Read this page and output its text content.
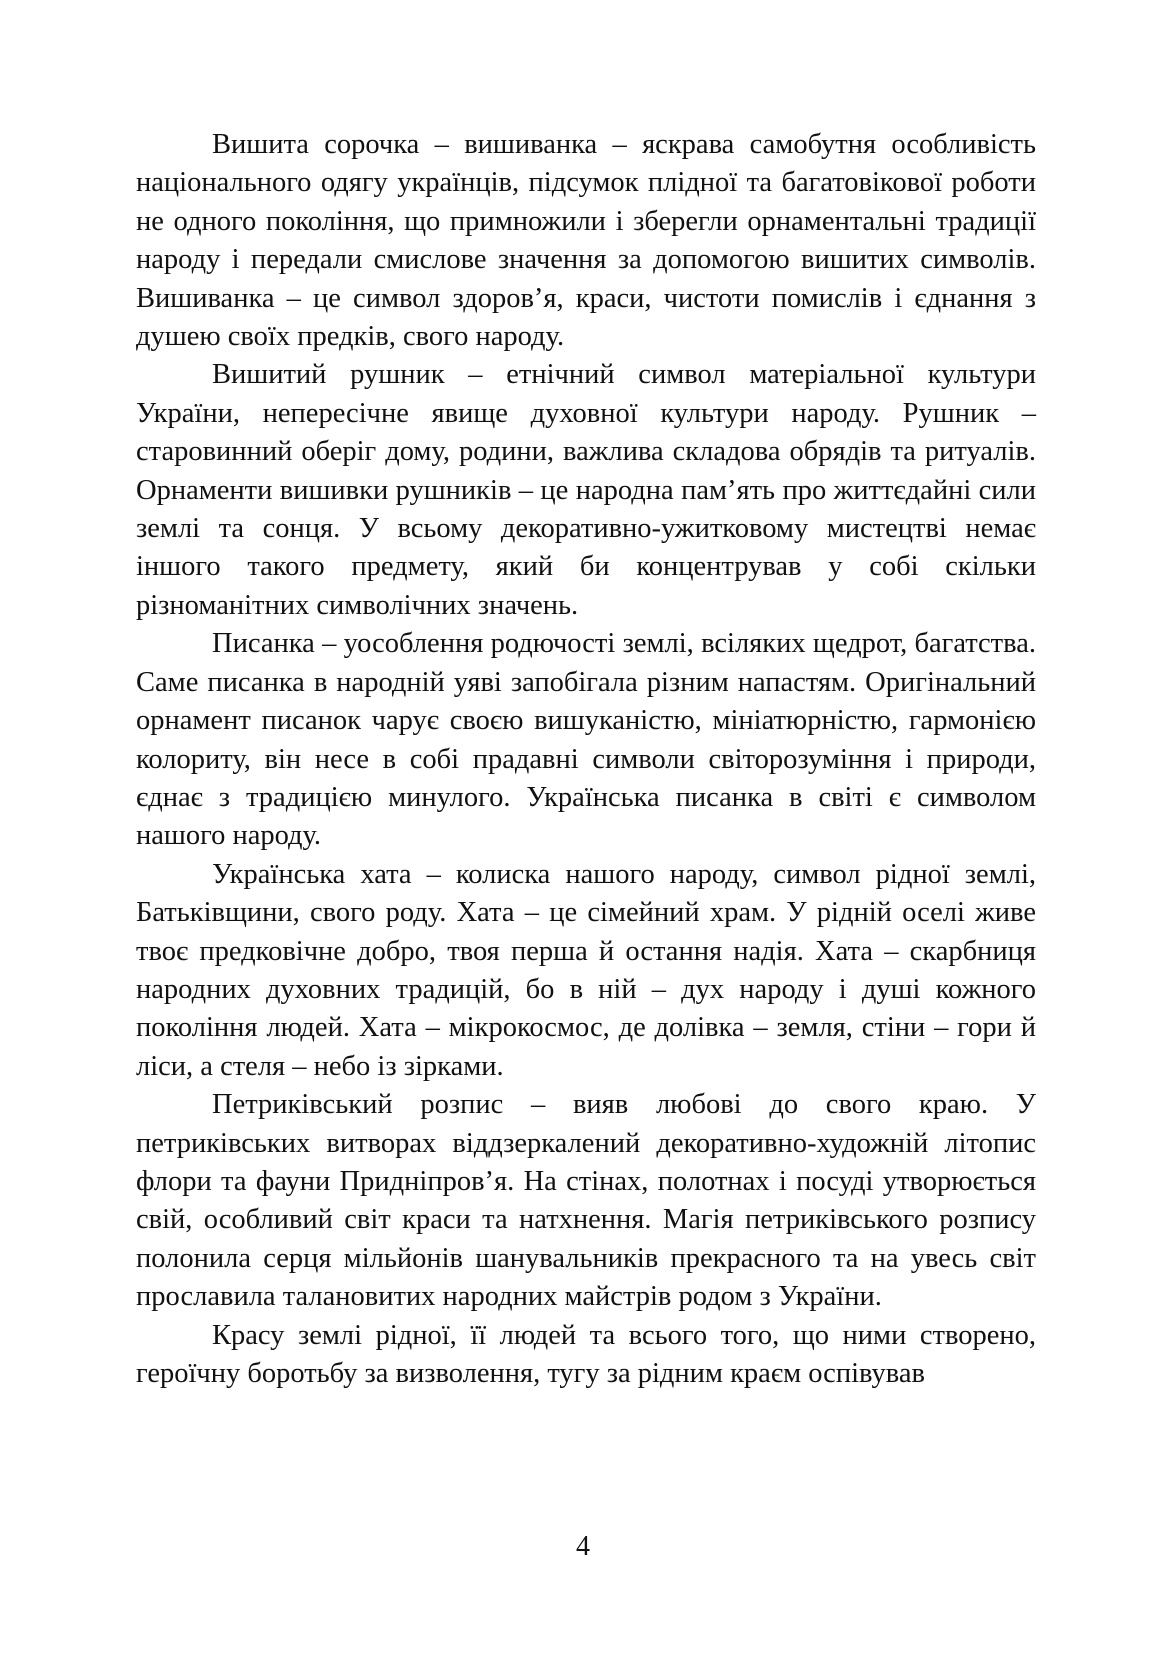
Вишита сорочка – вишиванка – яскрава самобутня особливість національного одягу українців, підсумок плідної та багатовікової роботи не одного покоління, що примножили і зберегли орнаментальні традиції народу і передали смислове значення за допомогою вишитих символів. Вишиванка – це символ здоров’я, краси, чистоти помислів і єднання з душею своїх предків, свого народу.

Вишитий рушник – етнічний символ матеріальної культури України, непересічне явище духовної культури народу. Рушник – старовинний оберіг дому, родини, важлива складова обрядів та ритуалів. Орнаменти вишивки рушників – це народна пам’ять про життєдайні сили землі та сонця. У всьому декоративно-ужитковому мистецтві немає іншого такого предмету, який би концентрував у собі скільки різноманітних символічних значень.

Писанка – уособлення родючості землі, всіляких щедрот, багатства. Саме писанка в народній уяві запобігала різним напастям. Оригінальний орнамент писанок чарує своєю вишуканістю, мініатюрністю, гармонією колориту, він несе в собі прадавні символи світорозуміння і природи, єднає з традицією минулого. Українська писанка в світі є символом нашого народу.

Українська хата – колиска нашого народу, символ рідної землі, Батьківщини, свого роду. Хата – це сімейний храм. У рідній оселі живе твоє предковічне добро, твоя перша й остання надія. Хата – скарбниця народних духовних традицій, бо в ній – дух народу і душі кожного покоління людей. Хата – мікрокосмос, де долівка – земля, стіни – гори й ліси, а стеля – небо із зірками.

Петриківський розпис – вияв любові до свого краю. У петриківських витворах віддзеркалений декоративно-художній літопис флори та фауни Придніпров’я. На стінах, полотнах і посуді утворюється свій, особливий світ краси та натхнення. Магія петриківського розпису полонила серця мільйонів шанувальників прекрасного та на увесь світ прославила талановитих народних майстрів родом з України.

Красу землі рідної, її людей та всього того, що ними створено, героїчну боротьбу за визволення, тугу за рідним краєм оспівував

4
